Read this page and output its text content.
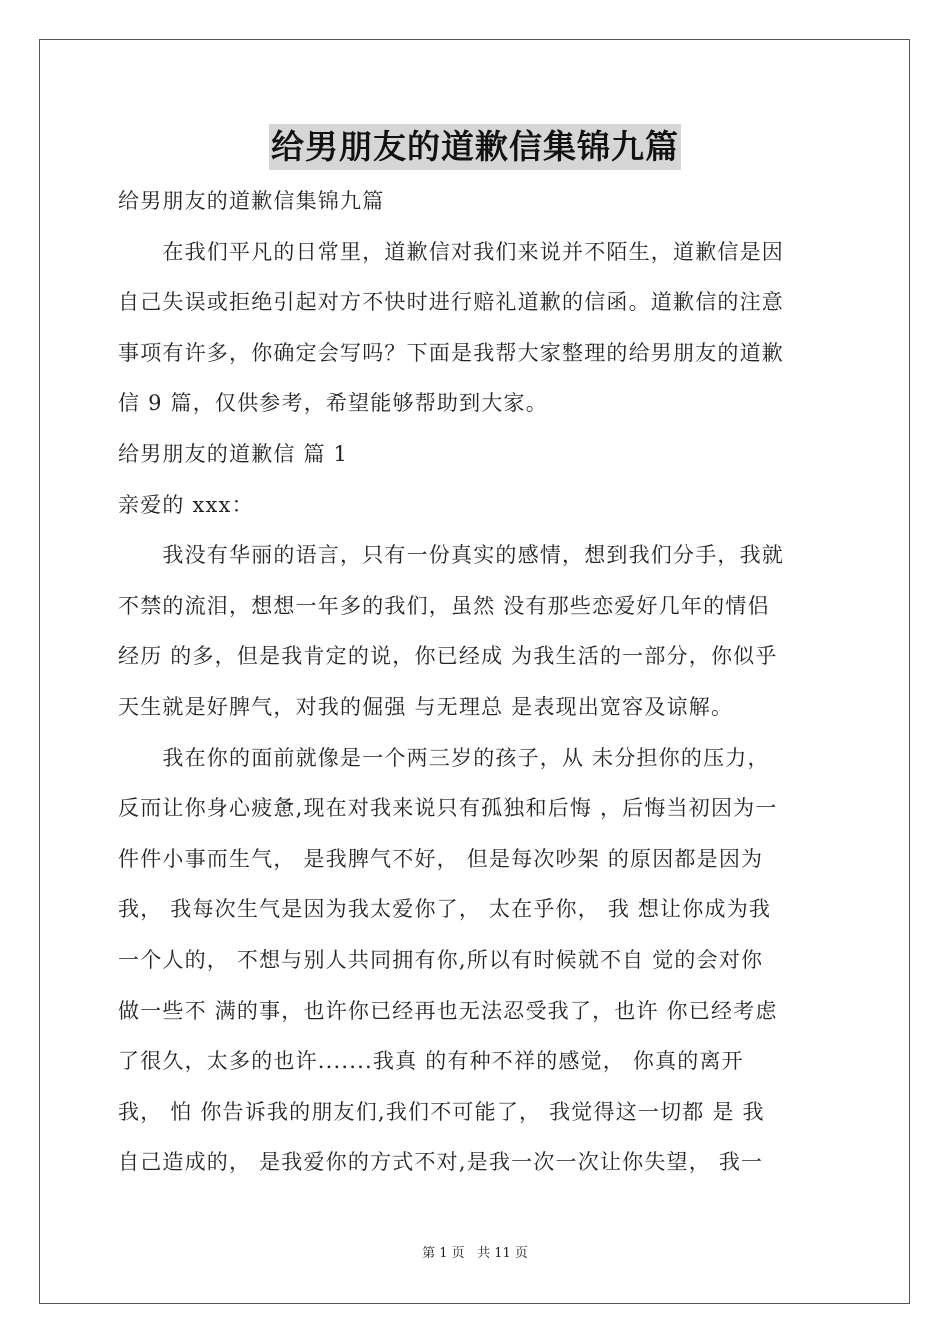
给男朋友的道歉信集锦九篇
给男朋友的道歉信集锦九篇
　　在我们平凡的日常里，道歉信对我们来说并不陌生，道歉信是因
自己失误或拒绝引起对方不快时进行赔礼道歉的信函。道歉信的注意
事项有许多，你确定会写吗？下面是我帮大家整理的给男朋友的道歉
信 9 篇，仅供参考，希望能够帮助到大家。
给男朋友的道歉信 篇 1
亲爱的 xxx：
　　我没有华丽的语言，只有一份真实的感情，想到我们分手，我就
不禁的流泪，想想一年多的我们，虽然 没有那些恋爱好几年的情侣
经历 的多，但是我肯定的说，你已经成 为我生活的一部分，你似乎
天生就是好脾气，对我的倔强 与无理总 是表现出宽容及谅解。
　　我在你的面前就像是一个两三岁的孩子，从 未分担你的压力，
反而让你身心疲惫,现在对我来说只有孤独和后悔 ，后悔当初因为一
件件小事而生气， 是我脾气不好， 但是每次吵架 的原因都是因为
我， 我每次生气是因为我太爱你了， 太在乎你， 我 想让你成为我
一个人的， 不想与别人共同拥有你,所以有时候就不自 觉的会对你
做一些不 满的事，也许你已经再也无法忍受我了，也许 你已经考虑
了很久，太多的也许.......我真 的有种不祥的感觉， 你真的离开
我， 怕 你告诉我的朋友们,我们不可能了， 我觉得这一切都 是 我
自己造成的， 是我爱你的方式不对,是我一次一次让你失望， 我一
第 1 页 共 11 页
